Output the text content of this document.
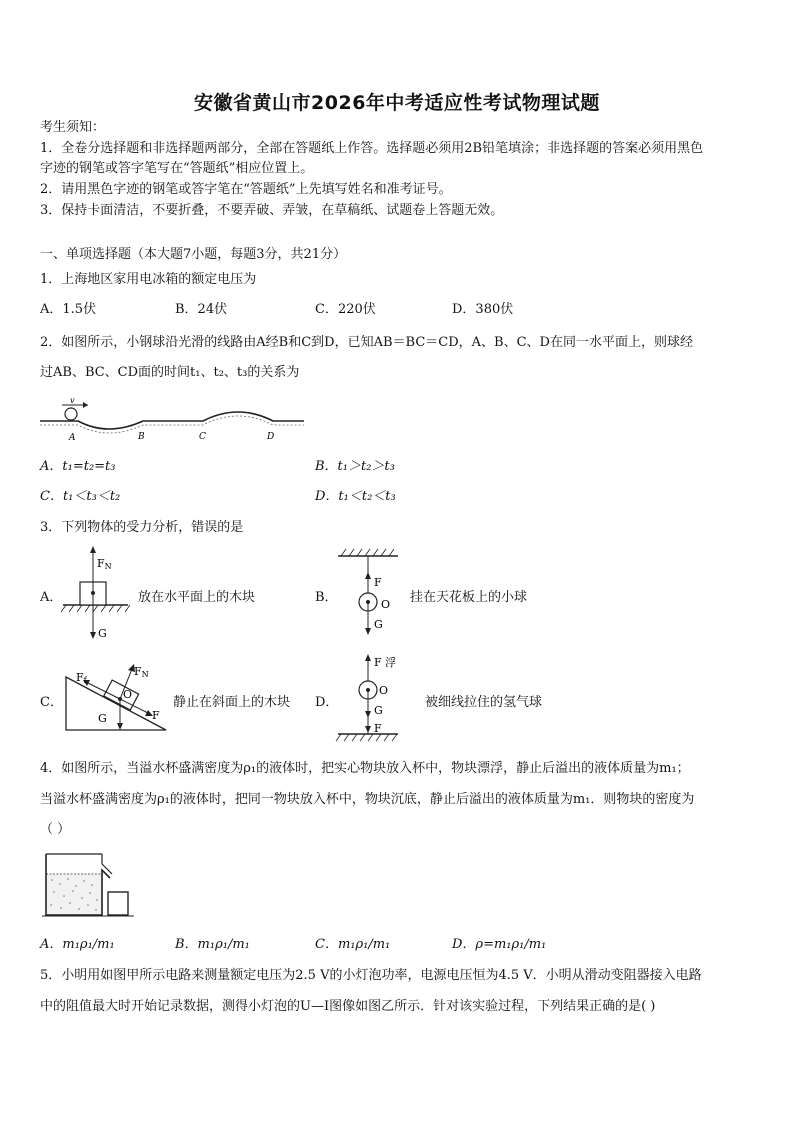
安徽省黄山市2026年中考适应性考试物理试题
考生须知：
1．全卷分选择题和非选择题两部分，全部在答题纸上作答。选择题必须用2B铅笔填涂；非选择题的答案必须用黑色
字迹的钢笔或答字笔写在“答题纸”相应位置上。
2．请用黑色字迹的钢笔或答字笔在“答题纸”上先填写姓名和准考证号。
3．保持卡面清洁，不要折叠，不要弄破、弄皱，在草稿纸、试题卷上答题无效。
一、单项选择题（本大题7小题，每题3分，共21分）
1．上海地区家用电冰箱的额定电压为
A．1.5伏	B．24伏	C．220伏	D．380伏
2．如图所示，小钢球沿光滑的线路由A经B和C到D，已知AB＝BC＝CD，A、B、C、D在同一水平面上，则球经
过AB、BC、CD面的时间t₁、t₂、t₃的关系为
v
A	B	C	D
A．t₁=t₂=t₃	B．t₁＞t₂＞t₃
C．t₁＜t₃＜t₂	D．t₁＜t₂＜t₃
3．下列物体的受力分析，错误的是
A．
FN
G
放在水平面上的木块	B．
F
O
G
挂在天花板上的小球
C．
Ff
FN
O
G	F
静止在斜面上的木块 D．
F 浮
O
G
F
被细线拉住的氢气球
4．如图所示，当溢水杯盛满密度为ρ₁的液体时，把实心物块放入杯中，物块漂浮，静止后溢出的液体质量为m₁；
当溢水杯盛满密度为ρ₁的液体时，把同一物块放入杯中，物块沉底，静止后溢出的液体质量为m₁．则物块的密度为
（ ）
A．m₁ρ₁/m₁	B．m₁ρ₁/m₁	C．m₁ρ₁/m₁	D．ρ=m₁ρ₁/m₁
5．小明用如图甲所示电路来测量额定电压为2.5 V的小灯泡功率，电源电压恒为4.5 V．小明从滑动变阻器接入电路
中的阻值最大时开始记录数据，测得小灯泡的U—I图像如图乙所示．针对该实验过程，下列结果正确的是( )
